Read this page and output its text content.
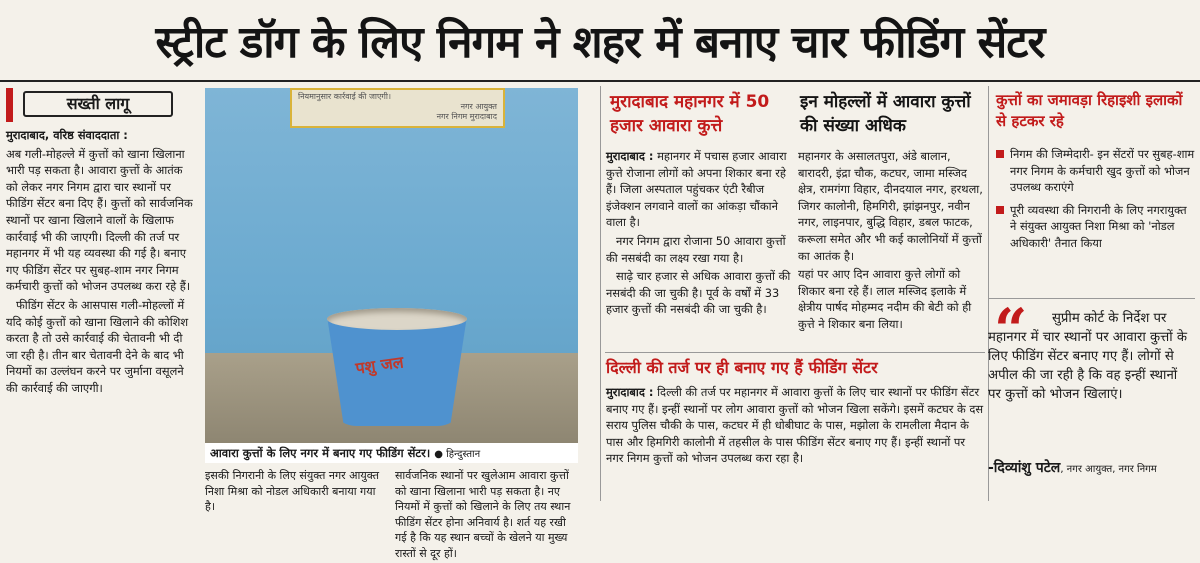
स्ट्रीट डॉग के लिए निगम ने शहर में बनाए चार फीडिंग सेंटर
सख्ती लागू

मुरादाबाद, वरिष्ठ संवाददाता :

अब गली-मोहल्ले में कुत्तों को खाना खिलाना भारी पड़ सकता है। आवारा कुत्तों के आतंक को लेकर नगर निगम द्वारा चार स्थानों पर फीडिंग सेंटर बना दिए हैं। कुत्तों को सार्वजनिक स्थानों पर खाना खिलाने वालों के खिलाफ कार्रवाई भी की जाएगी। दिल्ली की तर्ज पर महानगर में भी यह व्यवस्था की गई है। बनाए गए फीडिंग सेंटर पर सुबह-शाम नगर निगम कर्मचारी कुत्तों को भोजन उपलब्ध करा रहे हैं।

फीडिंग सेंटर के आसपास गली-मोहल्लों में यदि कोई कुत्तों को खाना खिलाने की कोशिश करता है तो उसे कार्रवाई की चेतावनी भी दी जा रही है। तीन बार चेतावनी देने के बाद भी नियमों का उल्लंघन करने पर जुर्माना वसूलने की कार्रवाई की जाएगी।

नियमानुसार कार्रवाई की जाएगी।
नगर आयुक्त
नगर निगम मुरादाबाद
पशु जल
आवारा कुत्तों के लिए नगर में बनाए गए फीडिंग सेंटर। ● हिन्दुस्तान

इसकी निगरानी के लिए संयुक्त नगर आयुक्त निशा मिश्रा को नोडल अधिकारी बनाया गया है।

सार्वजनिक स्थानों पर खुलेआम आवारा कुत्तों को खाना खिलाना भारी पड़ सकता है। नए नियमों में कुत्तों को खिलाने के लिए तय स्थान फीडिंग सेंटर होना अनिवार्य है। शर्त यह रखी गई है कि यह स्थान बच्चों के खेलने या मुख्य रास्तों से दूर हों।

मुरादाबाद महानगर में 50 हजार आवारा कुत्ते

मुरादाबाद : महानगर में पचास हजार आवारा कुत्ते रोजाना लोगों को अपना शिकार बना रहे हैं। जिला अस्पताल पहुंचकर एंटी रैबीज इंजेक्शन लगवाने वालों का आंकड़ा चौंकाने वाला है।

नगर निगम द्वारा रोजाना 50 आवारा कुत्तों की नसबंदी का लक्ष्य रखा गया है।

साढ़े चार हजार से अधिक आवारा कुत्तों की नसबंदी की जा चुकी है। पूर्व के वर्षों में 33 हजार कुत्तों की नसबंदी की जा चुकी है।

इन मोहल्लों में आवारा कुत्तों की संख्या अधिक

महानगर के असालतपुरा, अंडे बालान, बारादरी, इंद्रा चौक, कटघर, जामा मस्जिद क्षेत्र, रामगंगा विहार, दीनदयाल नगर, हरथला, जिगर कालोनी, हिमगिरी, झांझनपुर, नवीन नगर, लाइनपार, बुद्धि विहार, डबल फाटक, करूला समेत और भी कई कालोनियों में कुत्तों का आतंक है।

यहां पर आए दिन आवारा कुत्ते लोगों को शिकार बना रहे हैं। लाल मस्जिद इलाके में क्षेत्रीय पार्षद मोहम्मद नदीम की बेटी को ही कुत्ते ने शिकार बना लिया।

दिल्ली की तर्ज पर ही बनाए गए हैं फीडिंग सेंटर

मुरादाबाद : दिल्ली की तर्ज पर महानगर में आवारा कुत्तों के लिए चार स्थानों पर फीडिंग सेंटर बनाए गए हैं। इन्हीं स्थानों पर लोग आवारा कुत्तों को भोजन खिला सकेंगे। इसमें कटघर के दस सराय पुलिस चौकी के पास, कटघर में ही धोबीघाट के पास, मझोला के रामलीला मैदान के पास और हिमगिरी कालोनी में तहसील के पास फीडिंग सेंटर बनाए गए हैं। इन्हीं स्थानों पर नगर निगम कुत्तों को भोजन उपलब्ध करा रहा है।

कुत्तों का जमावड़ा रिहाइशी इलाकों से हटकर रहे
निगम की जिम्मेदारी- इन सेंटरों पर सुबह-शाम नगर निगम के कर्मचारी खुद कुत्तों को भोजन उपलब्ध कराएंगे
पूरी व्यवस्था की निगरानी के लिए नगरायुक्त ने संयुक्त आयुक्त निशा मिश्रा को 'नोडल अधिकारी' तैनात किया
“	सुप्रीम कोर्ट के निर्देश पर महानगर में चार स्थानों पर आवारा कुत्तों के लिए फीडिंग सेंटर बनाए गए हैं। लोगों से अपील की जा रही है कि वह इन्हीं स्थानों पर कुत्तों को भोजन खिलाएं।
-दिव्यांशु पटेल, नगर आयुक्त, नगर निगम
